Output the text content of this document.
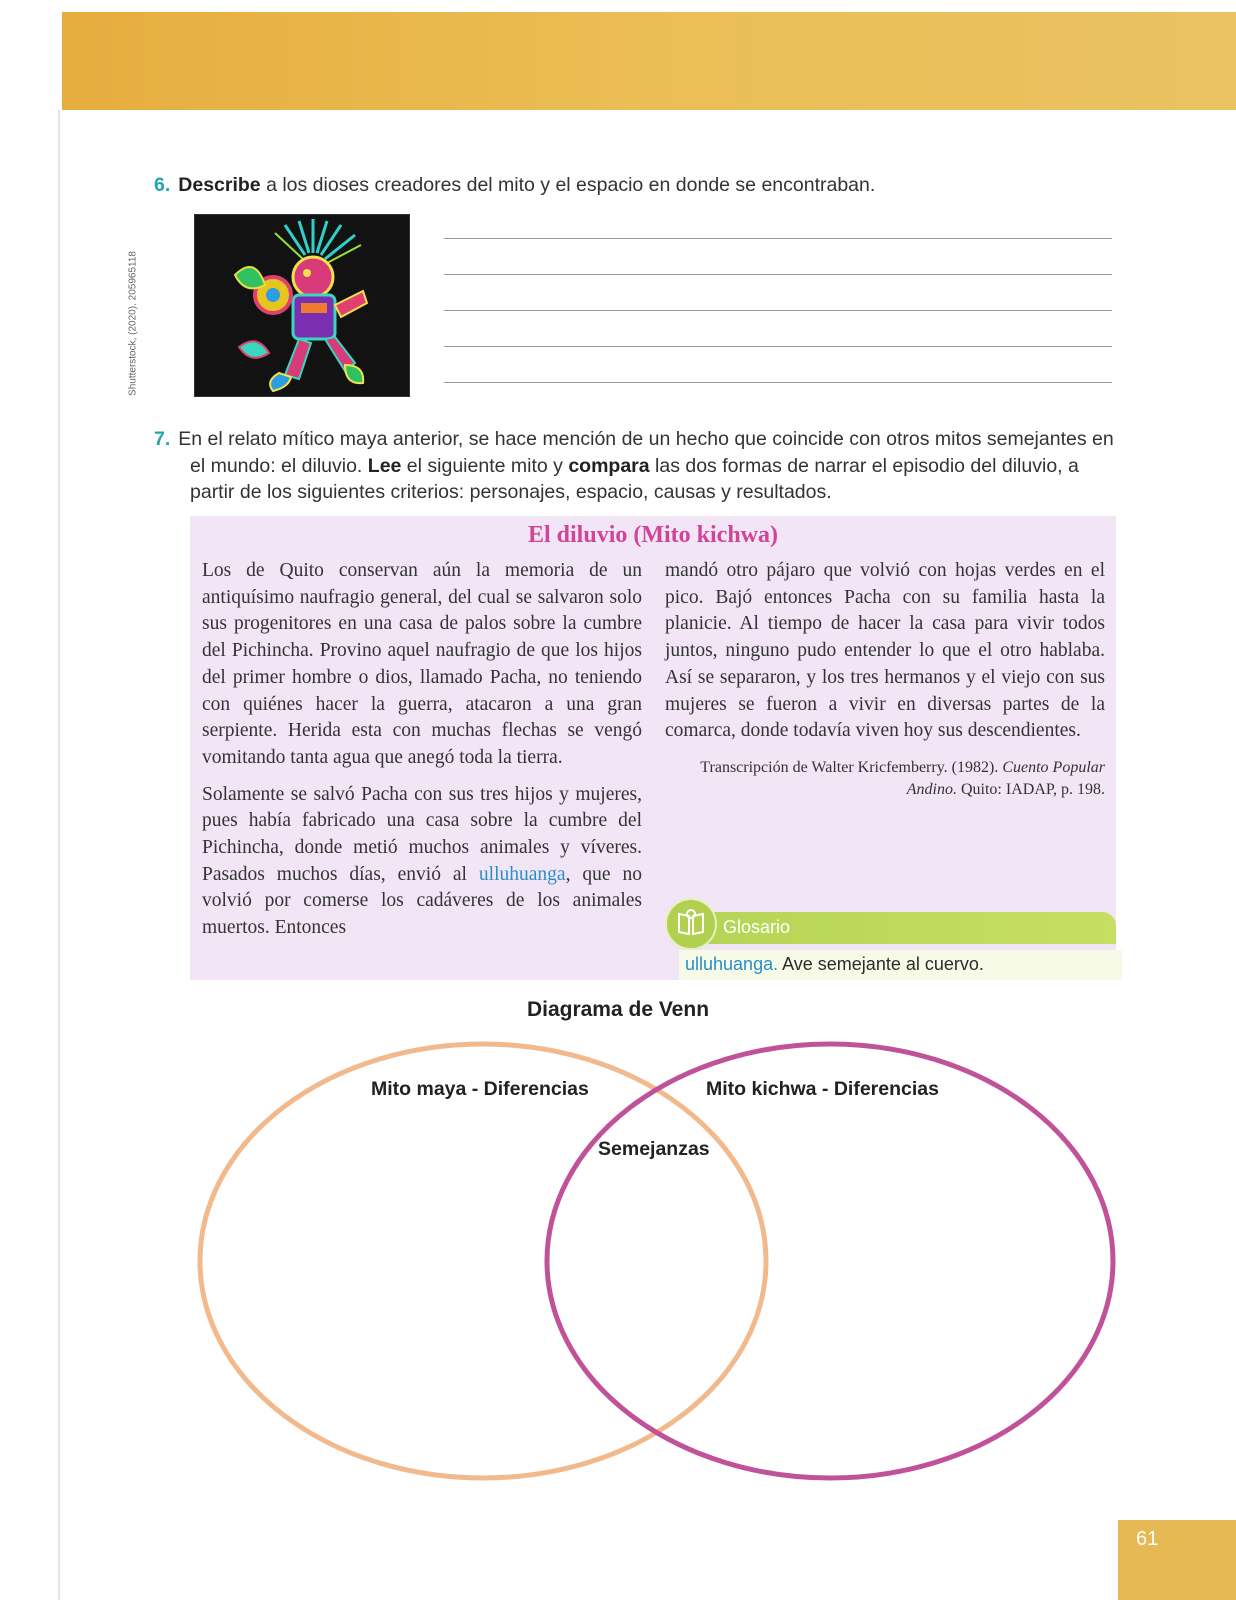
6. Describe a los dioses creadores del mito y el espacio en donde se encontraban.
Shutterstock, (2020). 205965118
7. En el relato mítico maya anterior, se hace mención de un hecho que coincide con otros mitos semejantes en el mundo: el diluvio. Lee el siguiente mito y compara las dos formas de narrar el episodio del diluvio, a partir de los siguientes criterios: personajes, espacio, causas y resultados.
El diluvio (Mito kichwa)

Los de Quito conservan aún la memoria de un antiquísimo naufragio general, del cual se salvaron solo sus progenitores en una casa de palos sobre la cumbre del Pichincha. Provino aquel naufragio de que los hijos del primer hombre o dios, llamado Pacha, no teniendo con quiénes hacer la guerra, atacaron a una gran serpiente. Herida esta con muchas flechas se vengó vomitando tanta agua que anegó toda la tierra.

Solamente se salvó Pacha con sus tres hijos y mujeres, pues había fabricado una casa sobre la cumbre del Pichincha, donde metió muchos animales y víveres. Pasados muchos días, envió al ulluhuanga, que no volvió por comerse los cadáveres de los animales muertos. Entonces

mandó otro pájaro que volvió con hojas verdes en el pico. Bajó entonces Pacha con su familia hasta la planicie. Al tiempo de hacer la casa para vivir todos juntos, ninguno pudo entender lo que el otro hablaba. Así se separaron, y los tres hermanos y el viejo con sus mujeres se fueron a vivir en diversas partes de la comarca, donde todavía viven hoy sus descendientes.

Transcripción de Walter Kricfemberry. (1982). Cuento Popular Andino. Quito: IADAP, p. 198.
Glosario
ulluhuanga. Ave semejante al cuervo.
Diagrama de Venn
Mito maya - Diferencias	Mito kichwa - Diferencias
Semejanzas
61
